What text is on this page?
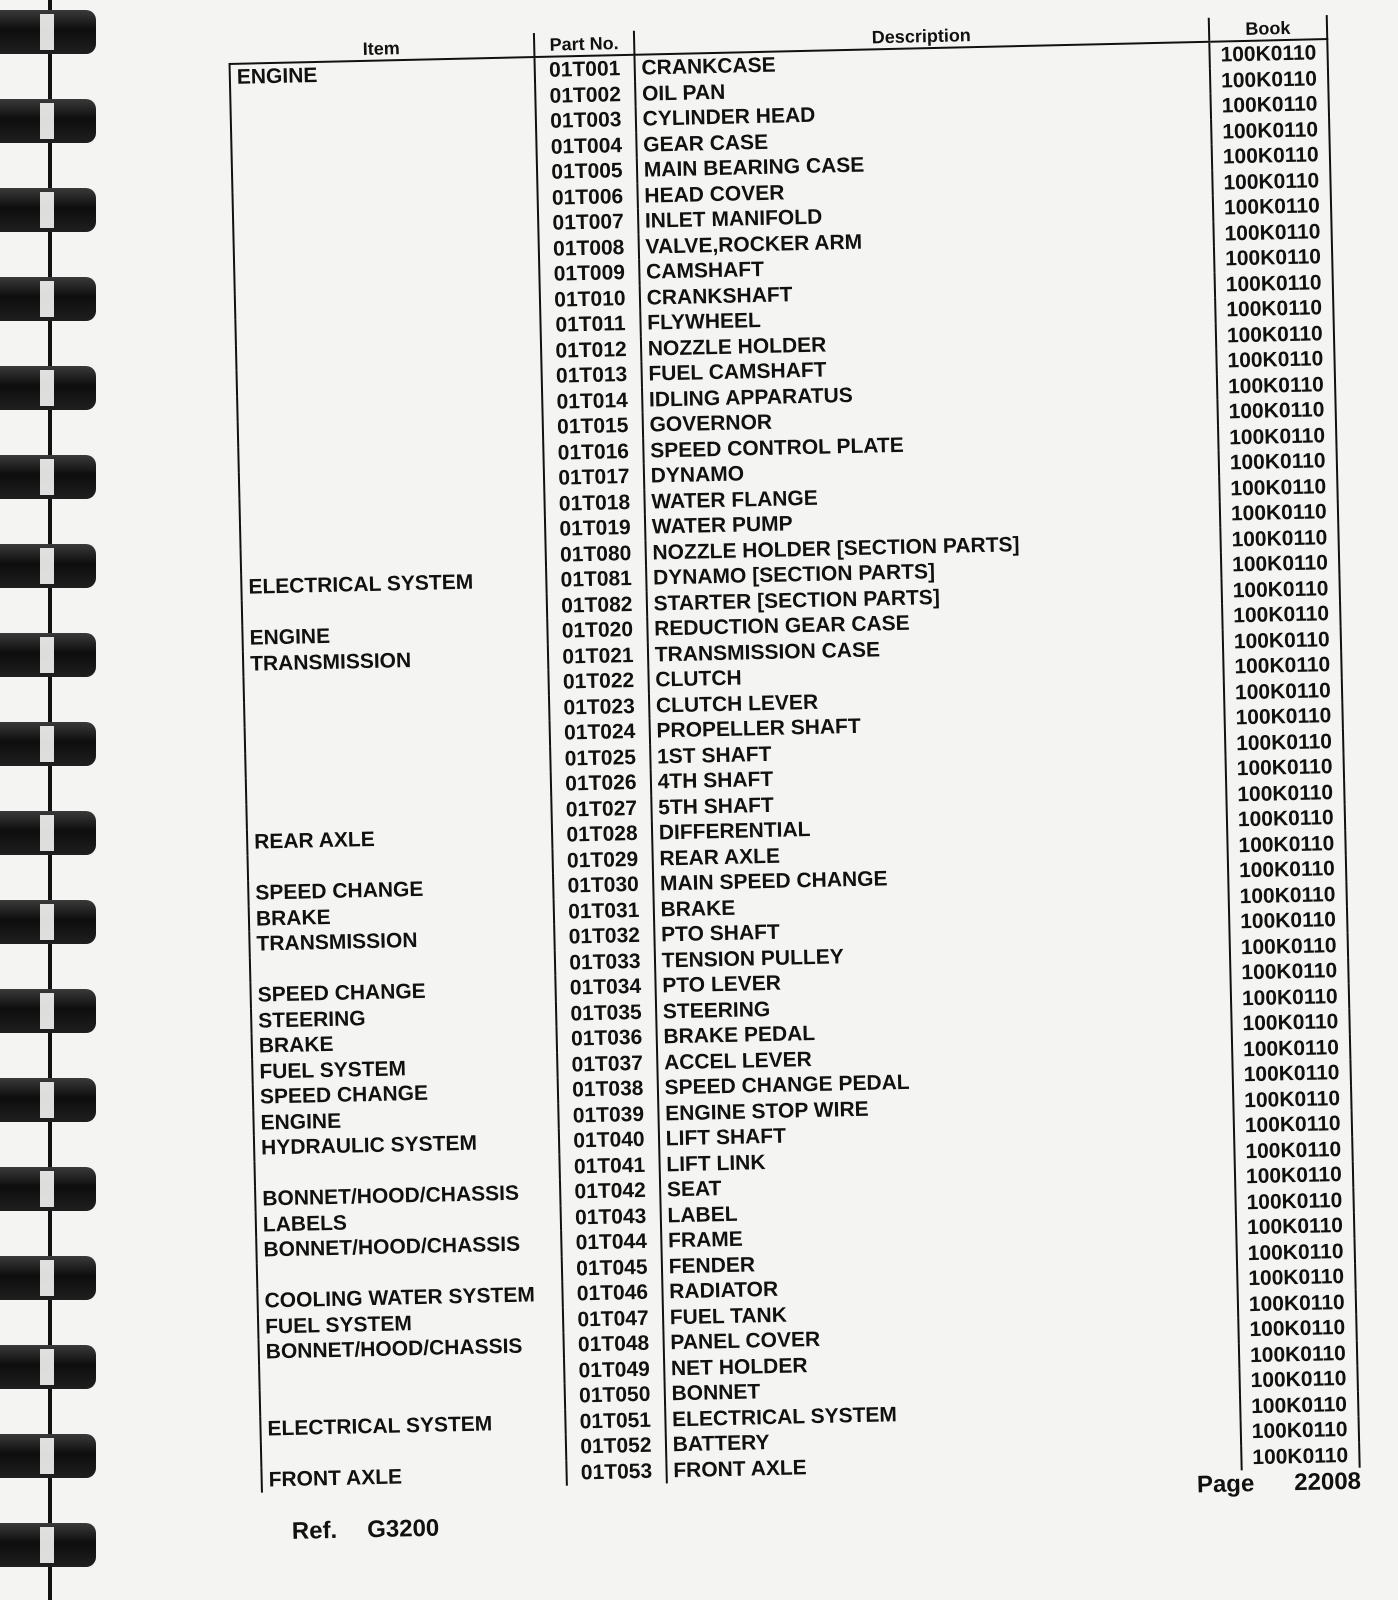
Item	Part No.	Description	Book
ENGINE	01T001	CRANKCASE	100K0110
	01T002	OIL PAN	100K0110
	01T003	CYLINDER HEAD	100K0110
	01T004	GEAR CASE	100K0110
	01T005	MAIN BEARING CASE	100K0110
	01T006	HEAD COVER	100K0110
	01T007	INLET MANIFOLD	100K0110
	01T008	VALVE,ROCKER ARM	100K0110
	01T009	CAMSHAFT	100K0110
	01T010	CRANKSHAFT	100K0110
	01T011	FLYWHEEL	100K0110
	01T012	NOZZLE HOLDER	100K0110
	01T013	FUEL CAMSHAFT	100K0110
	01T014	IDLING APPARATUS	100K0110
	01T015	GOVERNOR	100K0110
	01T016	SPEED CONTROL PLATE	100K0110
	01T017	DYNAMO	100K0110
	01T018	WATER FLANGE	100K0110
	01T019	WATER PUMP	100K0110
	01T080	NOZZLE HOLDER [SECTION PARTS]	100K0110
ELECTRICAL SYSTEM	01T081	DYNAMO [SECTION PARTS]	100K0110
	01T082	STARTER [SECTION PARTS]	100K0110
ENGINE	01T020	REDUCTION GEAR CASE	100K0110
TRANSMISSION	01T021	TRANSMISSION CASE	100K0110
	01T022	CLUTCH	100K0110
	01T023	CLUTCH LEVER	100K0110
	01T024	PROPELLER SHAFT	100K0110
	01T025	1ST SHAFT	100K0110
	01T026	4TH SHAFT	100K0110
	01T027	5TH SHAFT	100K0110
REAR AXLE	01T028	DIFFERENTIAL	100K0110
	01T029	REAR AXLE	100K0110
SPEED CHANGE	01T030	MAIN SPEED CHANGE	100K0110
BRAKE	01T031	BRAKE	100K0110
TRANSMISSION	01T032	PTO SHAFT	100K0110
	01T033	TENSION PULLEY	100K0110
SPEED CHANGE	01T034	PTO LEVER	100K0110
STEERING	01T035	STEERING	100K0110
BRAKE	01T036	BRAKE PEDAL	100K0110
FUEL SYSTEM	01T037	ACCEL LEVER	100K0110
SPEED CHANGE	01T038	SPEED CHANGE PEDAL	100K0110
ENGINE	01T039	ENGINE STOP WIRE	100K0110
HYDRAULIC SYSTEM	01T040	LIFT SHAFT	100K0110
	01T041	LIFT LINK	100K0110
BONNET/HOOD/CHASSIS	01T042	SEAT	100K0110
LABELS	01T043	LABEL	100K0110
BONNET/HOOD/CHASSIS	01T044	FRAME	100K0110
	01T045	FENDER	100K0110
COOLING WATER SYSTEM	01T046	RADIATOR	100K0110
FUEL SYSTEM	01T047	FUEL TANK	100K0110
BONNET/HOOD/CHASSIS	01T048	PANEL COVER	100K0110
	01T049	NET HOLDER	100K0110
	01T050	BONNET	100K0110
ELECTRICAL SYSTEM	01T051	ELECTRICAL SYSTEM	100K0110
	01T052	BATTERY	100K0110
FRONT AXLE	01T053	FRONT AXLE	100K0110
Ref. G3200
Page 22008
